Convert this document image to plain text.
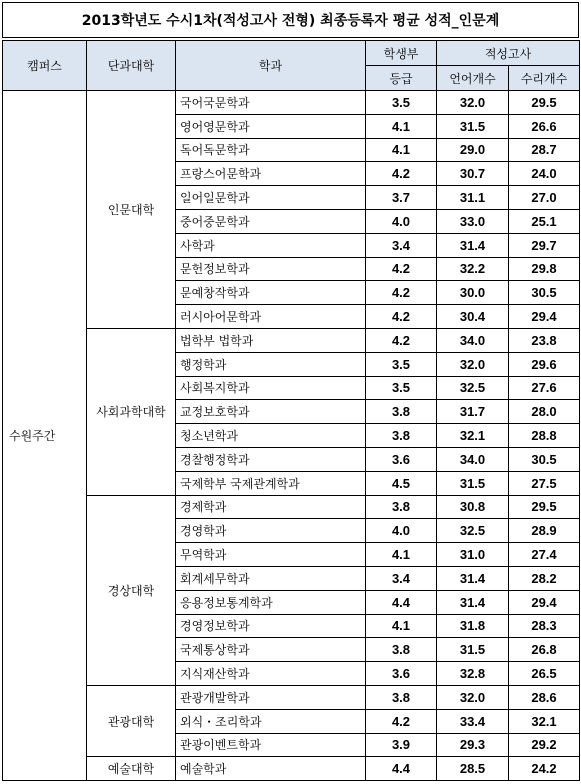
2013학년도 수시1차(적성고사 전형) 최종등록자 평균 성적_인문계
캠퍼스	단과대학	학과	학생부	적성고사	
			등급	언어개수	수리개수
수원주간	인문대학	국어국문학과	3.5	32.0	29.5
		영어영문학과	4.1	31.5	26.6
		독어독문학과	4.1	29.0	28.7
		프랑스어문학과	4.2	30.7	24.0
		일어일문학과	3.7	31.1	27.0
		중어중문학과	4.0	33.0	25.1
		사학과	3.4	31.4	29.7
		문헌정보학과	4.2	32.2	29.8
		문예창작학과	4.2	30.0	30.5
		러시아어문학과	4.2	30.4	29.4
	사회과학대학	법학부 법학과	4.2	34.0	23.8
		행정학과	3.5	32.0	29.6
		사회복지학과	3.5	32.5	27.6
		교정보호학과	3.8	31.7	28.0
		청소년학과	3.8	32.1	28.8
		경찰행정학과	3.6	34.0	30.5
		국제학부 국제관계학과	4.5	31.5	27.5
	경상대학	경제학과	3.8	30.8	29.5
		경영학과	4.0	32.5	28.9
		무역학과	4.1	31.0	27.4
		회계세무학과	3.4	31.4	28.2
		응용정보통계학과	4.4	31.4	29.4
		경영정보학과	4.1	31.8	28.3
		국제통상학과	3.8	31.5	26.8
		지식재산학과	3.6	32.8	26.5
	관광대학	관광개발학과	3.8	32.0	28.6
		외식・조리학과	4.2	33.4	32.1
		관광이벤트학과	3.9	29.3	29.2
	예술대학	예술학과	4.4	28.5	24.2
